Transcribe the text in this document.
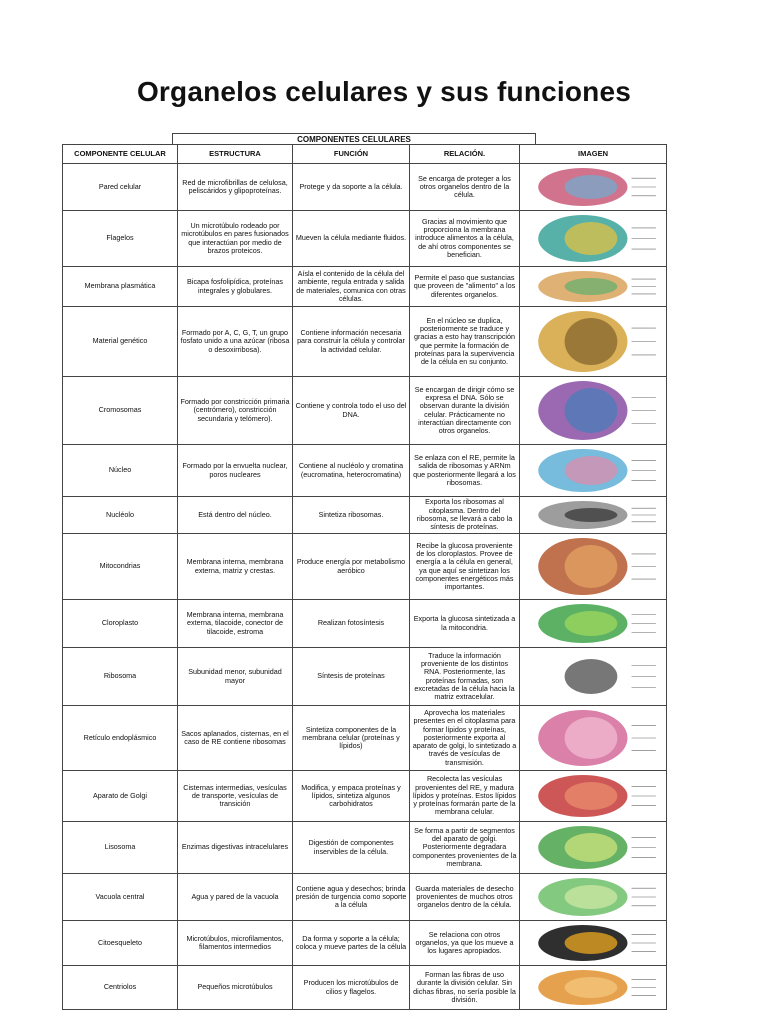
Organelos celulares y sus funciones
COMPONENTES CELULARES
COMPONENTE CELULAR	ESTRUCTURA	FUNCIÓN	RELACIÓN.	IMAGEN
Pared celular	Red de microfibrillas de celulosa, peliscáridos y glipoproteínas.	Protege y da soporte a la célula.	Se encarga de proteger a los otros organelos dentro de la célula.	

Flagelos	Un microtúbulo rodeado por microtúbulos en pares fusionados que interactúan por medio de brazos proteicos.	Mueven la célula mediante fluidos.	Gracias al movimiento que proporciona la membrana introduce alimentos a la célula, de ahí otros componentes se benefician.	

Membrana plasmática	Bicapa fosfolipídica, proteínas integrales y globulares.	Aísla el contenido de la célula del ambiente, regula entrada y salida de materiales, comunica con otras células.	Permite el paso que sustancias que proveen de "alimento" a los diferentes organelos.	

Material genético	Formado por A, C, G, T, un grupo fosfato unido a una azúcar (ribosa o desoxirribosa).	Contiene información necesaria para construir la célula y controlar la actividad celular.	En el núcleo se duplica, posteriormente se traduce y gracias a esto hay transcripción que permite la formación de proteínas para la supervivencia de la célula en su conjunto.	

Cromosomas	Formado por constricción primaria (centrómero), constricción secundaria y telómero).	Contiene y controla todo el uso del DNA.	Se encargan de dirigir cómo se expresa el DNA. Sólo se observan durante la división celular. Prácticamente no interactúan directamente con otros organelos.	

Núcleo	Formado por la envuelta nuclear, poros nucleares	Contiene al nucléolo y cromatina (eucromatina, heterocromatina)	Se enlaza con el RE, permite la salida de ribosomas y ARNm que posteriormente llegará a los ribosomas.	

Nucléolo	Está dentro del núcleo.	Sintetiza ribosomas.	Exporta los ribosomas al citoplasma. Dentro del ribosoma, se llevará a cabo la síntesis de proteínas.	

Mitocondrias	Membrana interna, membrana externa, matriz y crestas.	Produce energía por metabolismo aeróbico	Recibe la glucosa proveniente de los cloroplastos. Provee de energía a la célula en general, ya que aquí se sintetizan los componentes energéticos más importantes.	

Cloroplasto	Membrana interna, membrana externa, tilacoide, conector de tilacoide, estroma	Realizan fotosíntesis	Exporta la glucosa sintetizada a la mitocondria.	

Ribosoma	Subunidad menor, subunidad mayor	Síntesis de proteínas	Traduce la información proveniente de los distintos RNA. Posteriormente, las proteínas formadas, son excretadas de la célula hacia la matriz extracelular.	

Retículo endoplásmico	Sacos aplanados, cisternas, en el caso de RE contiene ribosomas	Sintetiza componentes de la membrana celular (proteínas y lípidos)	Aprovecha los materiales presentes en el citoplasma para formar lípidos y proteínas, posteriormente exporta al aparato de golgi, lo sintetizado a través de vesículas de transmisión.	

Aparato de Golgi	Cisternas intermedias, vesículas de transporte, vesículas de transición	Modifica, y empaca proteínas y lípidos, sintetiza algunos carbohidratos	Recolecta las vesículas provenientes del RE, y madura lípidos y proteínas. Estos lípidos y proteínas formarán parte de la membrana celular.	

Lisosoma	Enzimas digestivas intracelulares	Digestión de componentes inservibles de la célula.	Se forma a partir de segmentos del aparato de golgi. Posteriormente degradara componentes provenientes de la membrana.	

Vacuola central	Agua y pared de la vacuola	Contiene agua y desechos; brinda presión de turgencia como soporte a la célula	Guarda materiales de desecho provenientes de muchos otros organelos dentro de la célula.	

Citoesqueleto	Microtúbulos, microfilamentos, filamentos intermedios	Da forma y soporte a la célula; coloca y mueve partes de la célula	Se relaciona con otros organelos, ya que los mueve a los lugares apropiados.	

Centriolos	Pequeños microtúbulos	Producen los microtúbulos de cilios y flagelos.	Forman las fibras de uso durante la división celular. Sin dichas fibras, no sería posible la división.	
